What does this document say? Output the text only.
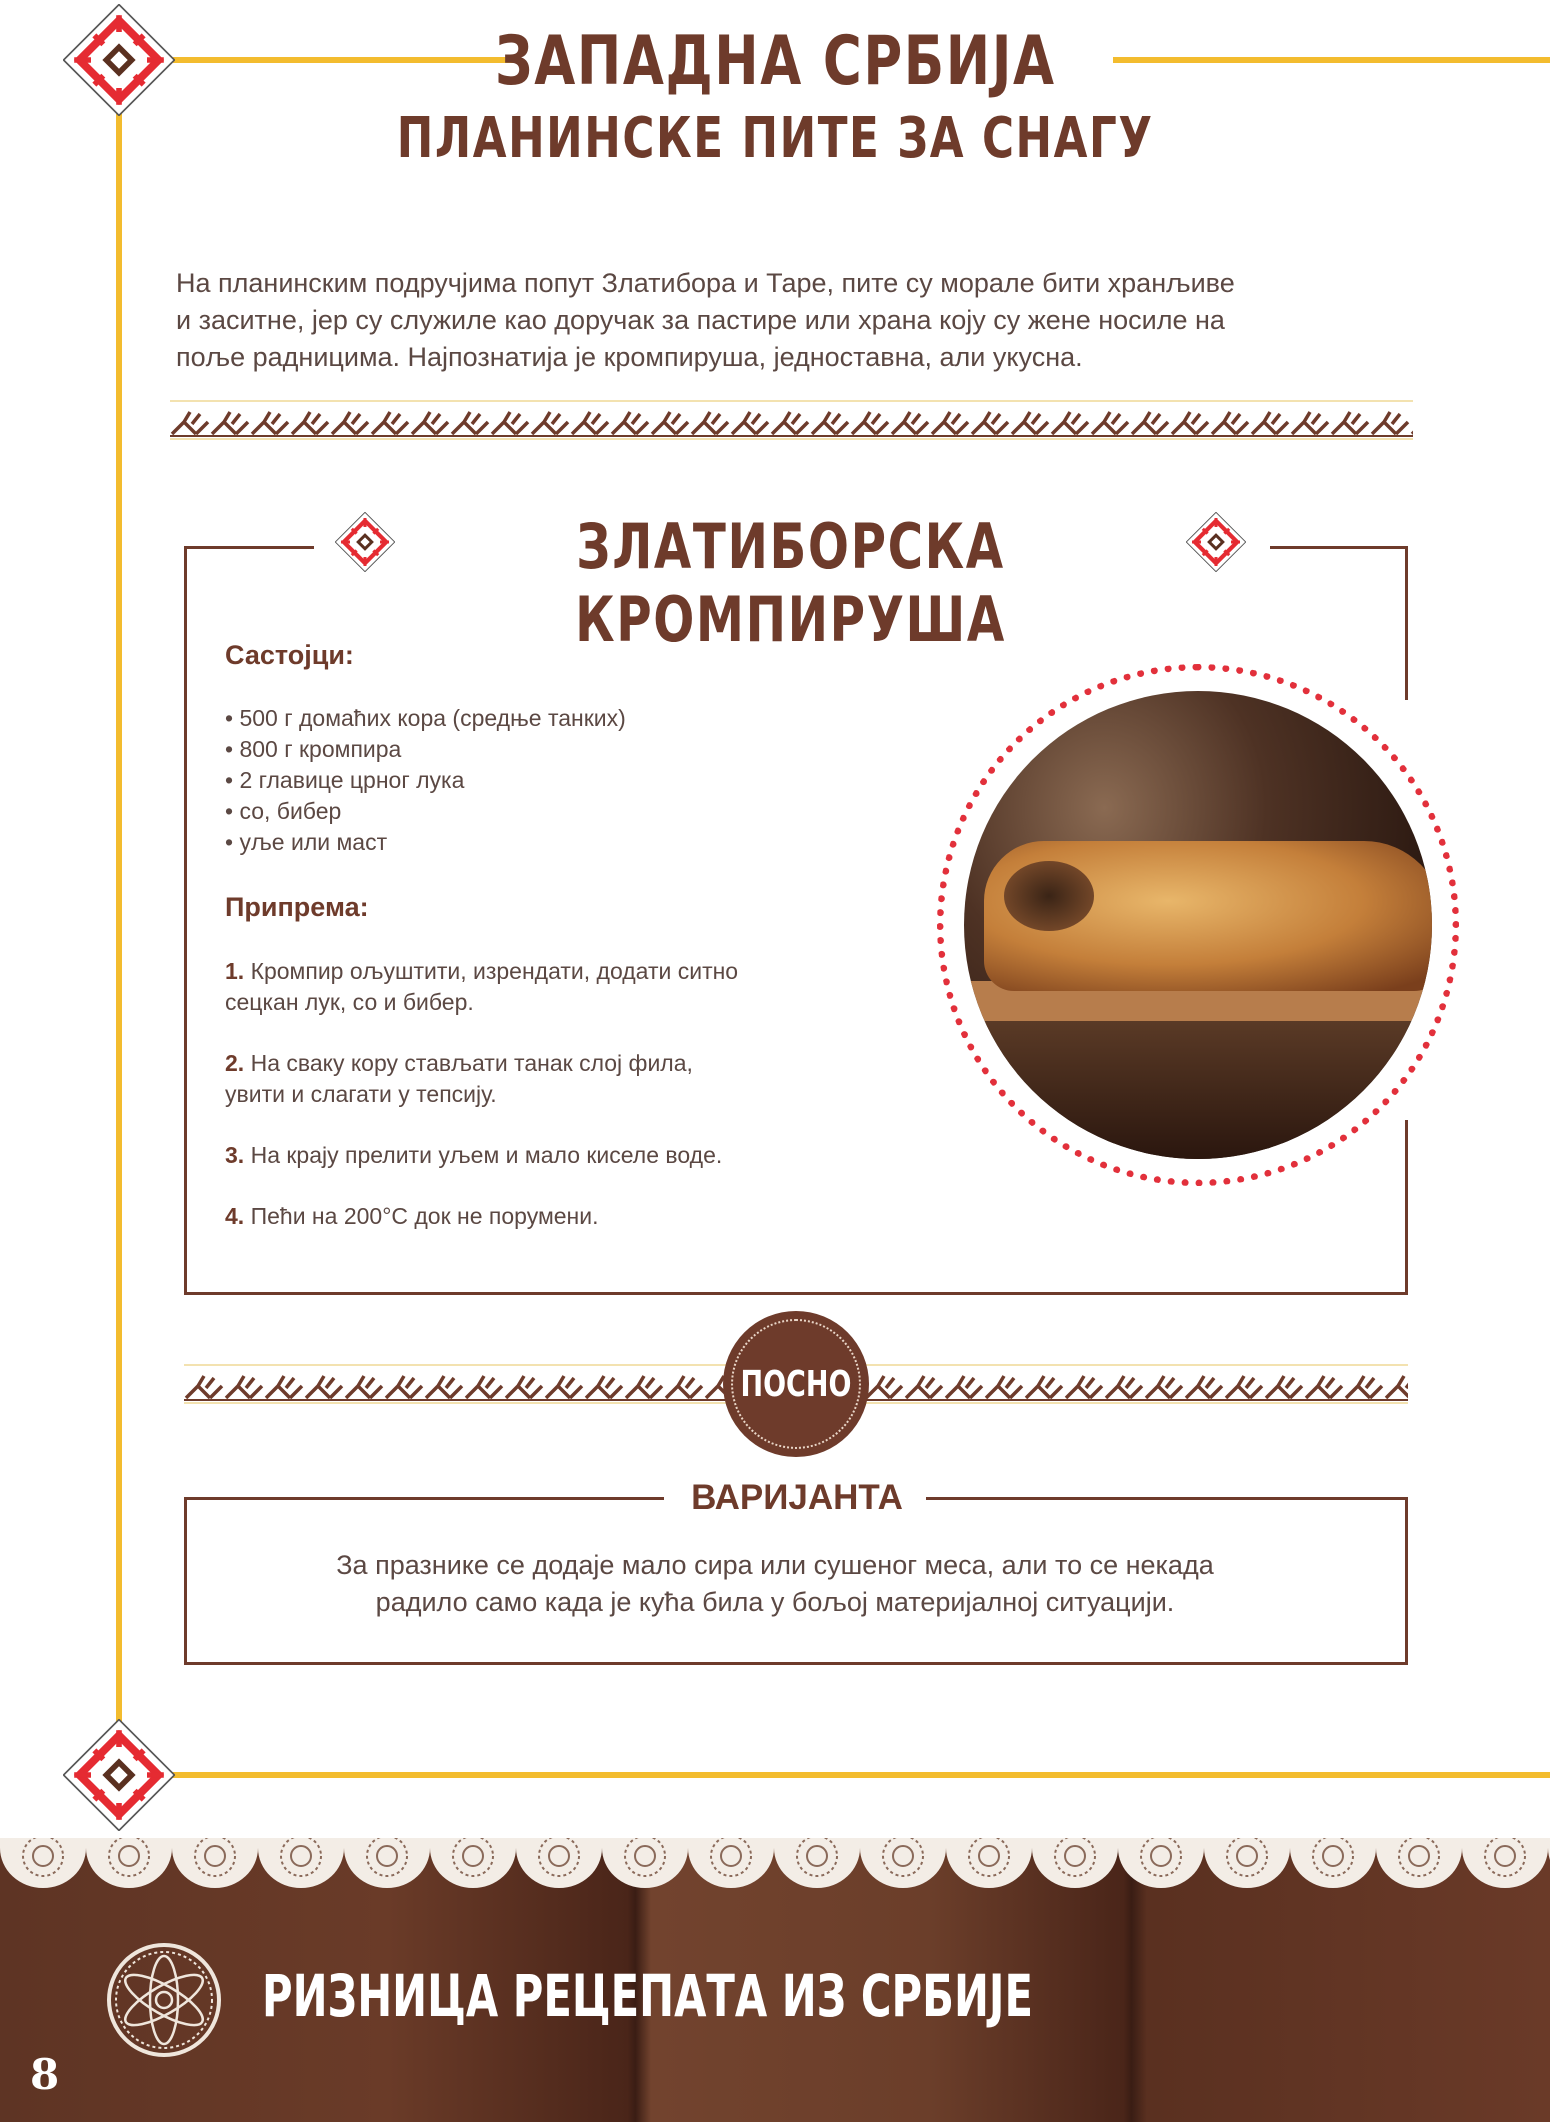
ЗАПАДНА СРБИЈА
ПЛАНИНСКЕ ПИТЕ ЗА СНАГУ
На планинским подручјима попут Златибора и Таре, пите су морале бити хранљиве
и заситне, јер су служиле као доручак за пастире или храна коју су жене носиле на
поље радницима. Најпознатија је кромпируша, једноставна, али укусна.
ЗЛАТИБОРСКА КРОМПИРУША
Састојци:
• 500 г домаћих кора (средње танких)
• 800 г кромпира
• 2 главице црног лука
• со, бибер
• уље или маст
Припрема:
1. Кромпир ољуштити, изрендати, додати ситно
сецкан лук, со и бибер.
2. На сваку кору стављати танак слој фила,
увити и слагати у тепсију.
3. На крају прелити уљем и мало киселе воде.
4. Пећи на 200°C док не порумени.
ПОСНО
ВАРИЈАНТА
За празнике се додаје мало сира или сушеног меса, али то се некада
радило само када је кућа била у бољој материјалној ситуацији.
РИЗНИЦА РЕЦЕПАТА ИЗ СРБИЈЕ
8
